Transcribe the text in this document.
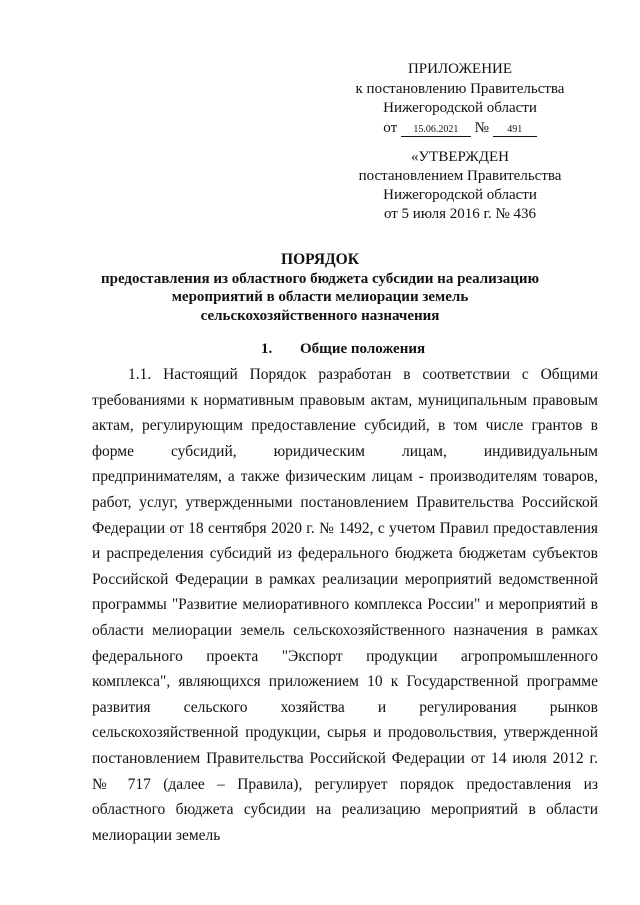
ПРИЛОЖЕНИЕ
к постановлению Правительства
Нижегородской области
от 15.06.2021 № 491
«УТВЕРЖДЕН
постановлением Правительства
Нижегородской области
от 5 июля 2016 г. № 436
ПОРЯДОК
предоставления из областного бюджета субсидии на реализацию мероприятий в области мелиорации земель сельскохозяйственного назначения
1. Общие положения

1.1. Настоящий Порядок разработан в соответствии с Общими требованиями к нормативным правовым актам, муниципальным правовым актам, регулирующим предоставление субсидий, в том числе грантов в форме субсидий, юридическим лицам, индивидуальным предпринимателям, а также физическим лицам - производителям товаров, работ, услуг, утвержденными постановлением Правительства Российской Федерации от 18 сентября 2020 г. № 1492, с учетом Правил предоставления и распределения субсидий из федерального бюджета бюджетам субъектов Российской Федерации в рамках реализации мероприятий ведомственной программы "Развитие мелиоративного комплекса России" и мероприятий в области мелиорации земель сельскохозяйственного назначения в рамках федерального проекта "Экспорт продукции агропромышленного комплекса", являющихся приложением 10 к Государственной программе развития сельского хозяйства и регулирования рынков сельскохозяйственной продукции, сырья и продовольствия, утвержденной постановлением Правительства Российской Федерации от 14 июля 2012 г. № 717 (далее – Правила), регулирует порядок предоставления из областного бюджета субсидии на реализацию мероприятий в области мелиорации земель
